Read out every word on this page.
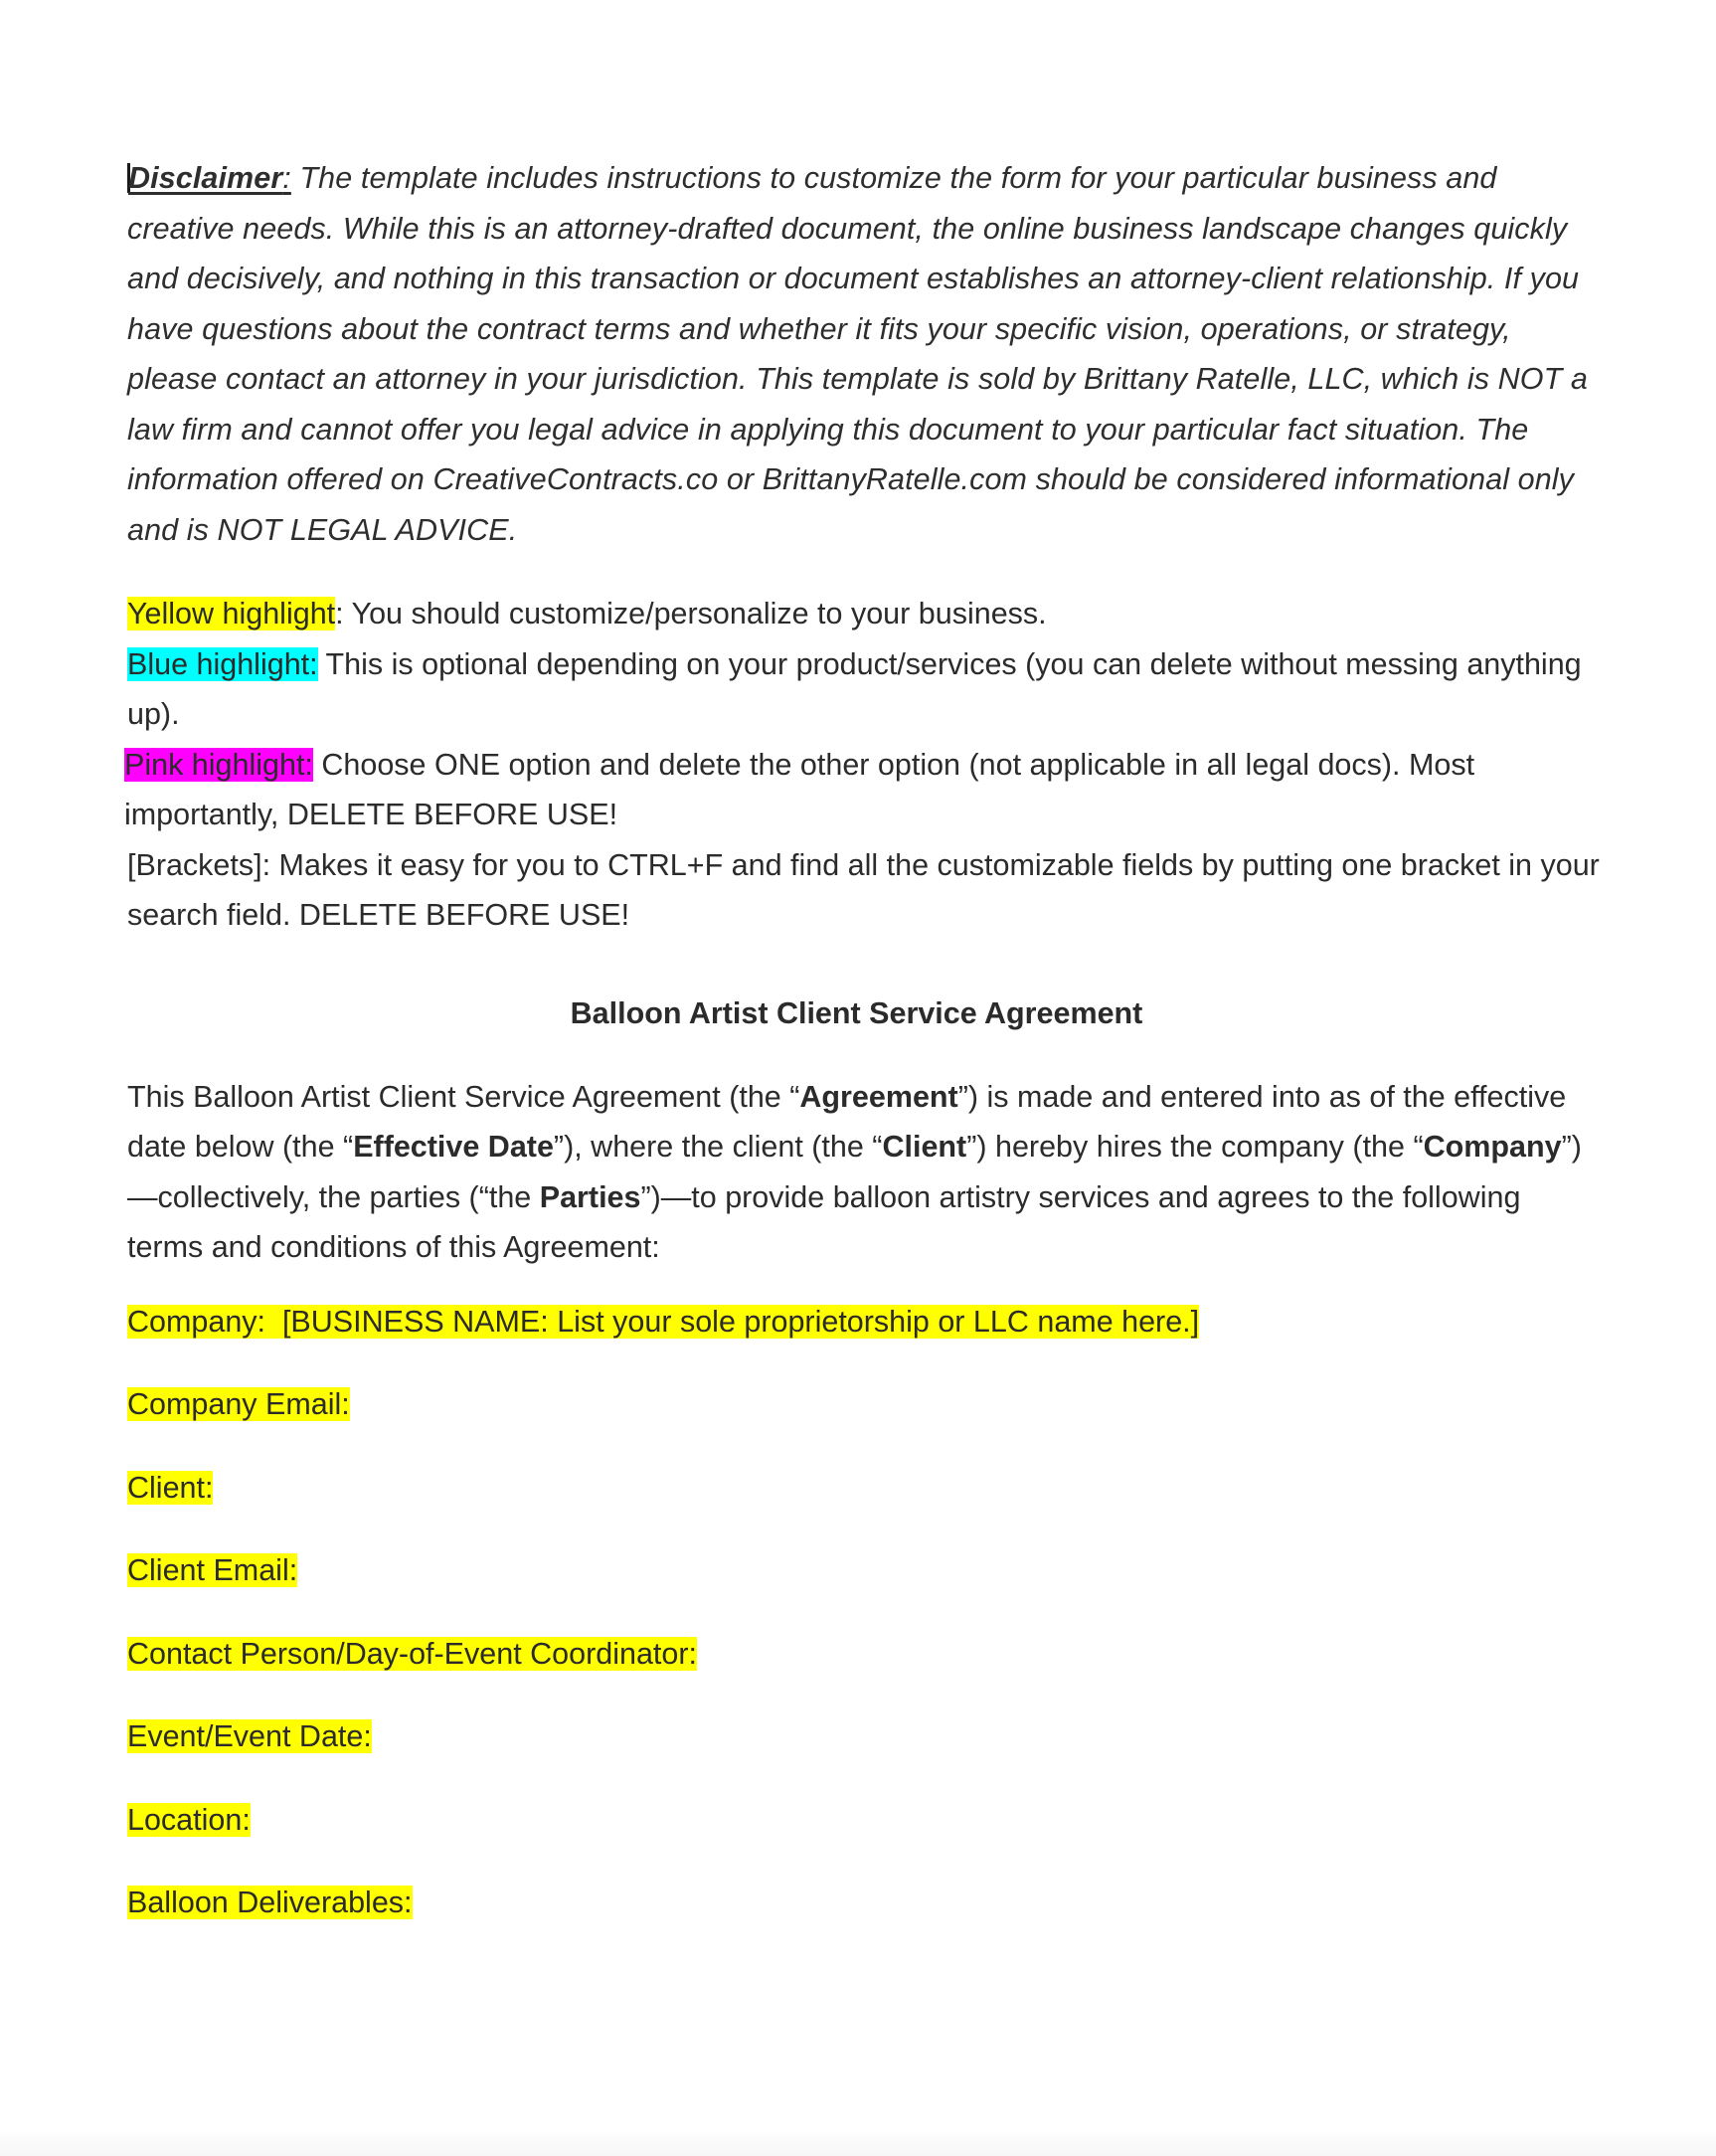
Disclaimer: The template includes instructions to customize the form for your particular business and creative needs. While this is an attorney-drafted document, the online business landscape changes quickly and decisively, and nothing in this transaction or document establishes an attorney-client relationship. If you have questions about the contract terms and whether it fits your specific vision, operations, or strategy, please contact an attorney in your jurisdiction. This template is sold by Brittany Ratelle, LLC, which is NOT a law firm and cannot offer you legal advice in applying this document to your particular fact situation. The information offered on CreativeContracts.co or BrittanyRatelle.com should be considered informational only and is NOT LEGAL ADVICE.

Yellow highlight: You should customize/personalize to your business.
Blue highlight: This is optional depending on your product/services (you can delete without messing anything up).
Pink highlight: Choose ONE option and delete the other option (not applicable in all legal docs). Most importantly, DELETE BEFORE USE!
[Brackets]: Makes it easy for you to CTRL+F and find all the customizable fields by putting one bracket in your search field. DELETE BEFORE USE!
Balloon Artist Client Service Agreement

This Balloon Artist Client Service Agreement (the “Agreement”) is made and entered into as of the effective date below (the “Effective Date”), where the client (the “Client”) hereby hires the company (the “Company”)—collectively, the parties (“the Parties”)—to provide balloon artistry services and agrees to the following terms and conditions of this Agreement:

Company:  [BUSINESS NAME: List your sole proprietorship or LLC name here.]
Company Email:
Client:
Client Email:
Contact Person/Day-of-Event Coordinator:
Event/Event Date:
Location:
Balloon Deliverables:
